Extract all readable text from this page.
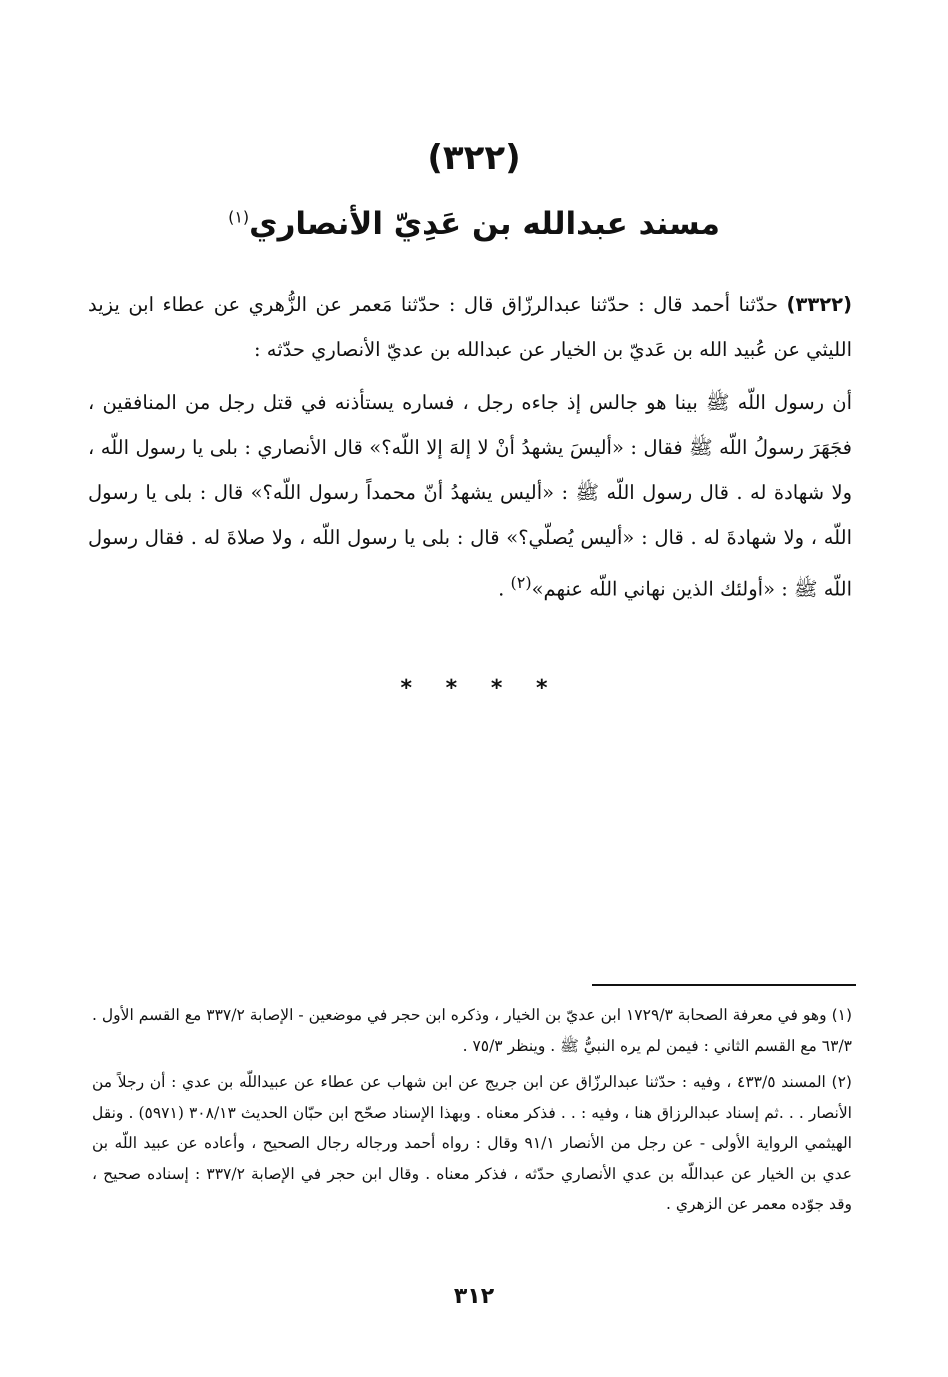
(٣٢٢)
مسند عبدالله بن عَدِيّ الأنصاري$^{(١)}$

(٣٣٢٢) حدّثنا أحمد قال : حدّثنا عبدالرزّاق قال : حدّثنا مَعمر عن الزُّهري عن عطاء ابن يزيد الليثي عن عُبيد الله بن عَديّ بن الخيار عن عبدالله بن عديّ الأنصاري حدّثه :

أن رسول اللّه ﷺ بينا هو جالس إذ جاءه رجل ، فساره يستأذنه في قتل رجل من المنافقين ، فجَهَرَ رسولُ اللّه ﷺ فقال : «أليسَ يشهدُ أنْ لا إلهَ إلا اللّه؟» قال الأنصاري : بلى يا رسول اللّه ، ولا شهادة له . قال رسول اللّه ﷺ : «أليس يشهدُ أنّ محمداً رسول اللّه؟» قال : بلى يا رسول اللّه ، ولا شهادةَ له . قال : «أليس يُصلّي؟» قال : بلى يا رسول اللّه ، ولا صلاةَ له . فقال رسول اللّه ﷺ : «أولئك الذين نهاني اللّه عنهم»$^{(٢)}$ .

* * * *

(١) وهو في معرفة الصحابة ١٧٢٩/٣ ابن عديّ بن الخيار ، وذكره ابن حجر في موضعين - الإصابة ٣٣٧/٢ مع القسم الأول . ٦٣/٣ مع القسم الثاني : فيمن لم يره النبيُّ ﷺ . وينظر ٧٥/٣ .

(٢) المسند ٤٣٣/٥ ، وفيه : حدّثنا عبدالرزّاق عن ابن جريج عن ابن شهاب عن عطاء عن عبيداللّه بن عدي : أن رجلاً من الأنصار . . .ثم إسناد عبدالرزاق هنا ، وفيه : . . فذكر معناه . وبهذا الإسناد صحّح ابن حبّان الحديث ٣٠٨/١٣ (٥٩٧١) . ونقل الهيثمي الرواية الأولى - عن رجل من الأنصار ٩١/١ وقال : رواه أحمد ورجاله رجال الصحيح ، وأعاده عن عبيد اللّه بن عدي بن الخيار عن عبداللّه بن عدي الأنصاري حدّثه ، فذكر معناه . وقال ابن حجر في الإصابة ٣٣٧/٢ : إسناده صحيح ، وقد جوّده معمر عن الزهري .

٣١٢
